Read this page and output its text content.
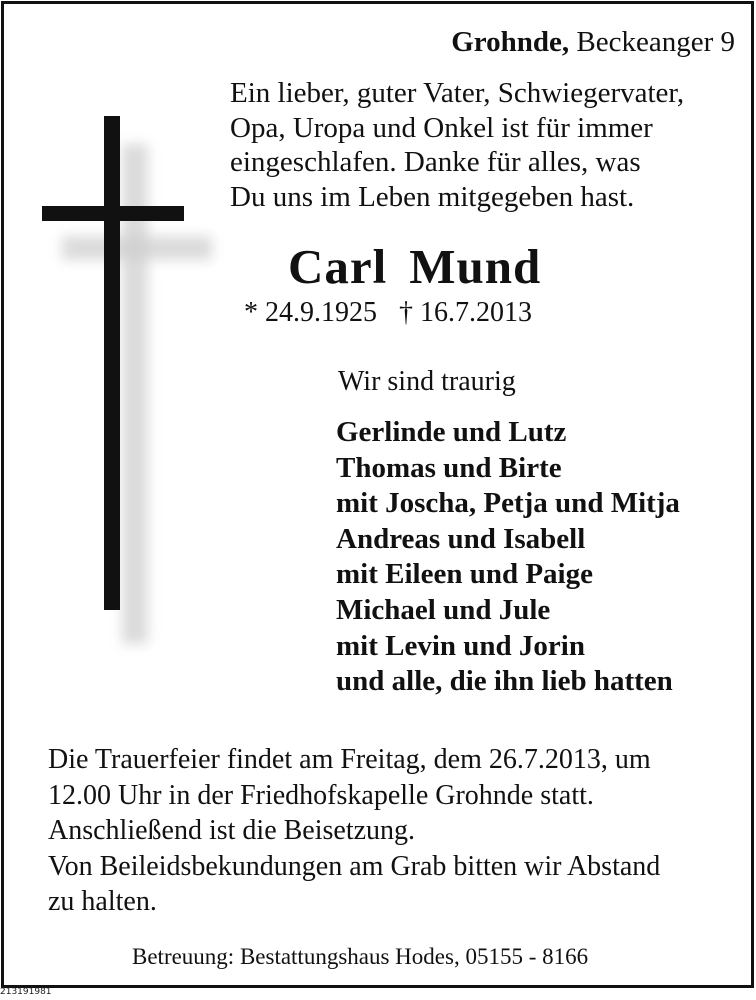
Grohnde, Beckeanger 9
Ein lieber, guter Vater, Schwiegervater,
Opa, Uropa und Onkel ist für immer
eingeschlafen. Danke für alles, was
Du uns im Leben mitgegeben hast.
Carl Mund
* 24.9.1925 † 16.7.2013
Wir sind traurig
Gerlinde und Lutz
Thomas und Birte
mit Joscha, Petja und Mitja
Andreas und Isabell
mit Eileen und Paige
Michael und Jule
mit Levin und Jorin
und alle, die ihn lieb hatten
Die Trauerfeier findet am Freitag, dem 26.7.2013, um
12.00 Uhr in der Friedhofskapelle Grohnde statt.
Anschließend ist die Beisetzung.
Von Beileidsbekundungen am Grab bitten wir Abstand
zu halten.
Betreuung: Bestattungshaus Hodes, 05155 - 8166
213191981
